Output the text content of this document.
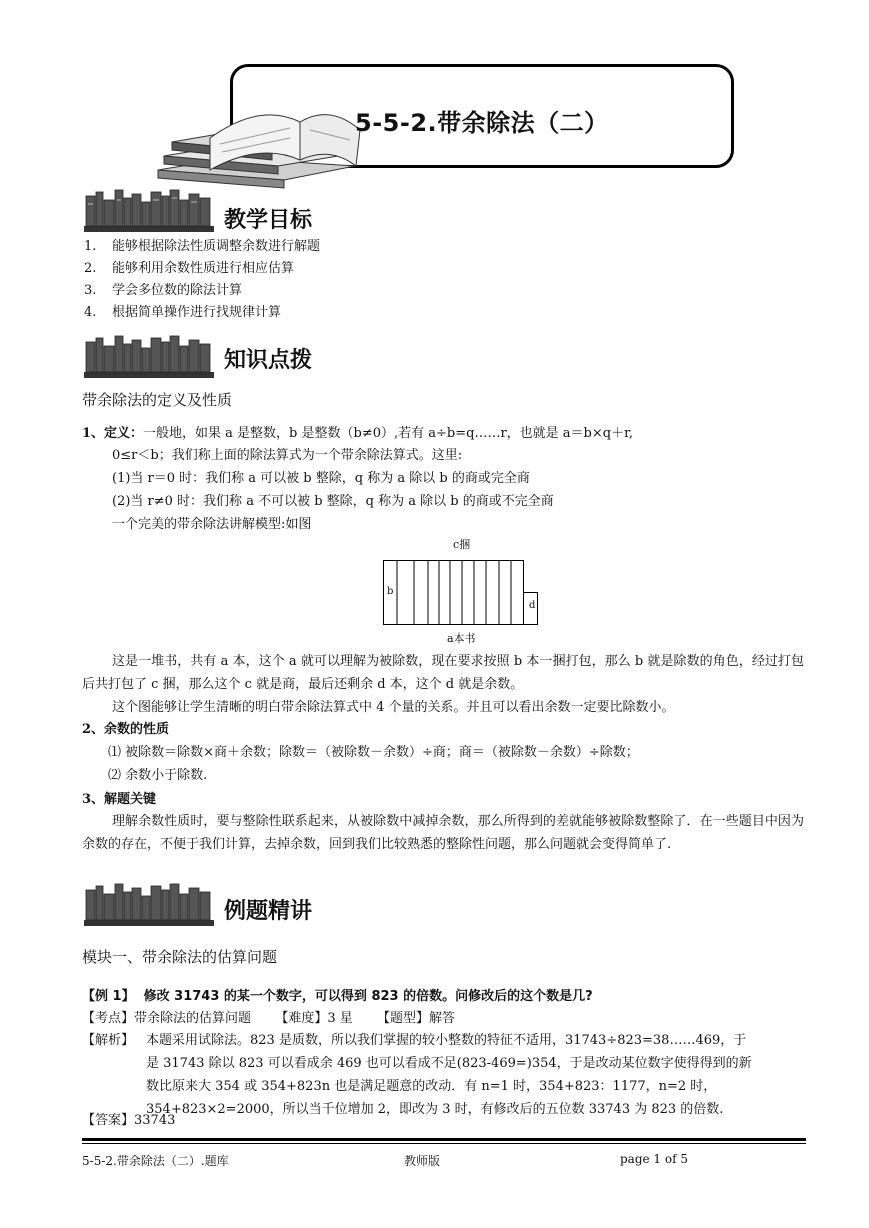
5-5-2.带余除法（二）
教学目标
1. 能够根据除法性质调整余数进行解题
2. 能够利用余数性质进行相应估算
3. 学会多位数的除法计算
4. 根据简单操作进行找规律计算
知识点拨
带余除法的定义及性质
1、定义：一般地，如果 a 是整数，b 是整数（b≠0）,若有 a÷b=q……r，也就是 a＝b×q＋r,
0≤r＜b；我们称上面的除法算式为一个带余除法算式。这里:
(1)当 r＝0 时：我们称 a 可以被 b 整除，q 称为 a 除以 b 的商或完全商
(2)当 r≠0 时：我们称 a 不可以被 b 整除，q 称为 a 除以 b 的商或不完全商
一个完美的带余除法讲解模型:如图
c捆
b
d
a本书
这是一堆书，共有 a 本，这个 a 就可以理解为被除数，现在要求按照 b 本一捆打包，那么 b 就是除数的角色，经过打包后共打包了 c 捆，那么这个 c 就是商，最后还剩余 d 本，这个 d 就是余数。
这个图能够让学生清晰的明白带余除法算式中 4 个量的关系。并且可以看出余数一定要比除数小。
2、余数的性质
⑴ 被除数＝除数×商＋余数；除数＝（被除数－余数）÷商；商＝（被除数－余数）÷除数；
⑵ 余数小于除数.
3、解题关键
理解余数性质时，要与整除性联系起来，从被除数中减掉余数，那么所得到的差就能够被除数整除了．在一些题目中因为余数的存在，不便于我们计算，去掉余数，回到我们比较熟悉的整除性问题，那么问题就会变得简单了.
例题精讲
模块一、带余除法的估算问题
【例 1】 修改 31743 的某一个数字，可以得到 823 的倍数。问修改后的这个数是几?
【考点】带余除法的估算问题 【难度】3 星 【题型】解答
【解析】 本题采用试除法。823 是质数，所以我们掌握的较小整数的特征不适用，31743÷823=38……469，于
是 31743 除以 823 可以看成余 469 也可以看成不足(823-469=)354，于是改动某位数字使得得到的新
数比原来大 354 或 354+823n 也是满足题意的改动．有 n=1 时，354+823：1177，n=2 时，
354+823×2=2000，所以当千位增加 2，即改为 3 时，有修改后的五位数 33743 为 823 的倍数.
【答案】33743
5-5-2.带余除法（二）.题库	教师版	page 1 of 5
